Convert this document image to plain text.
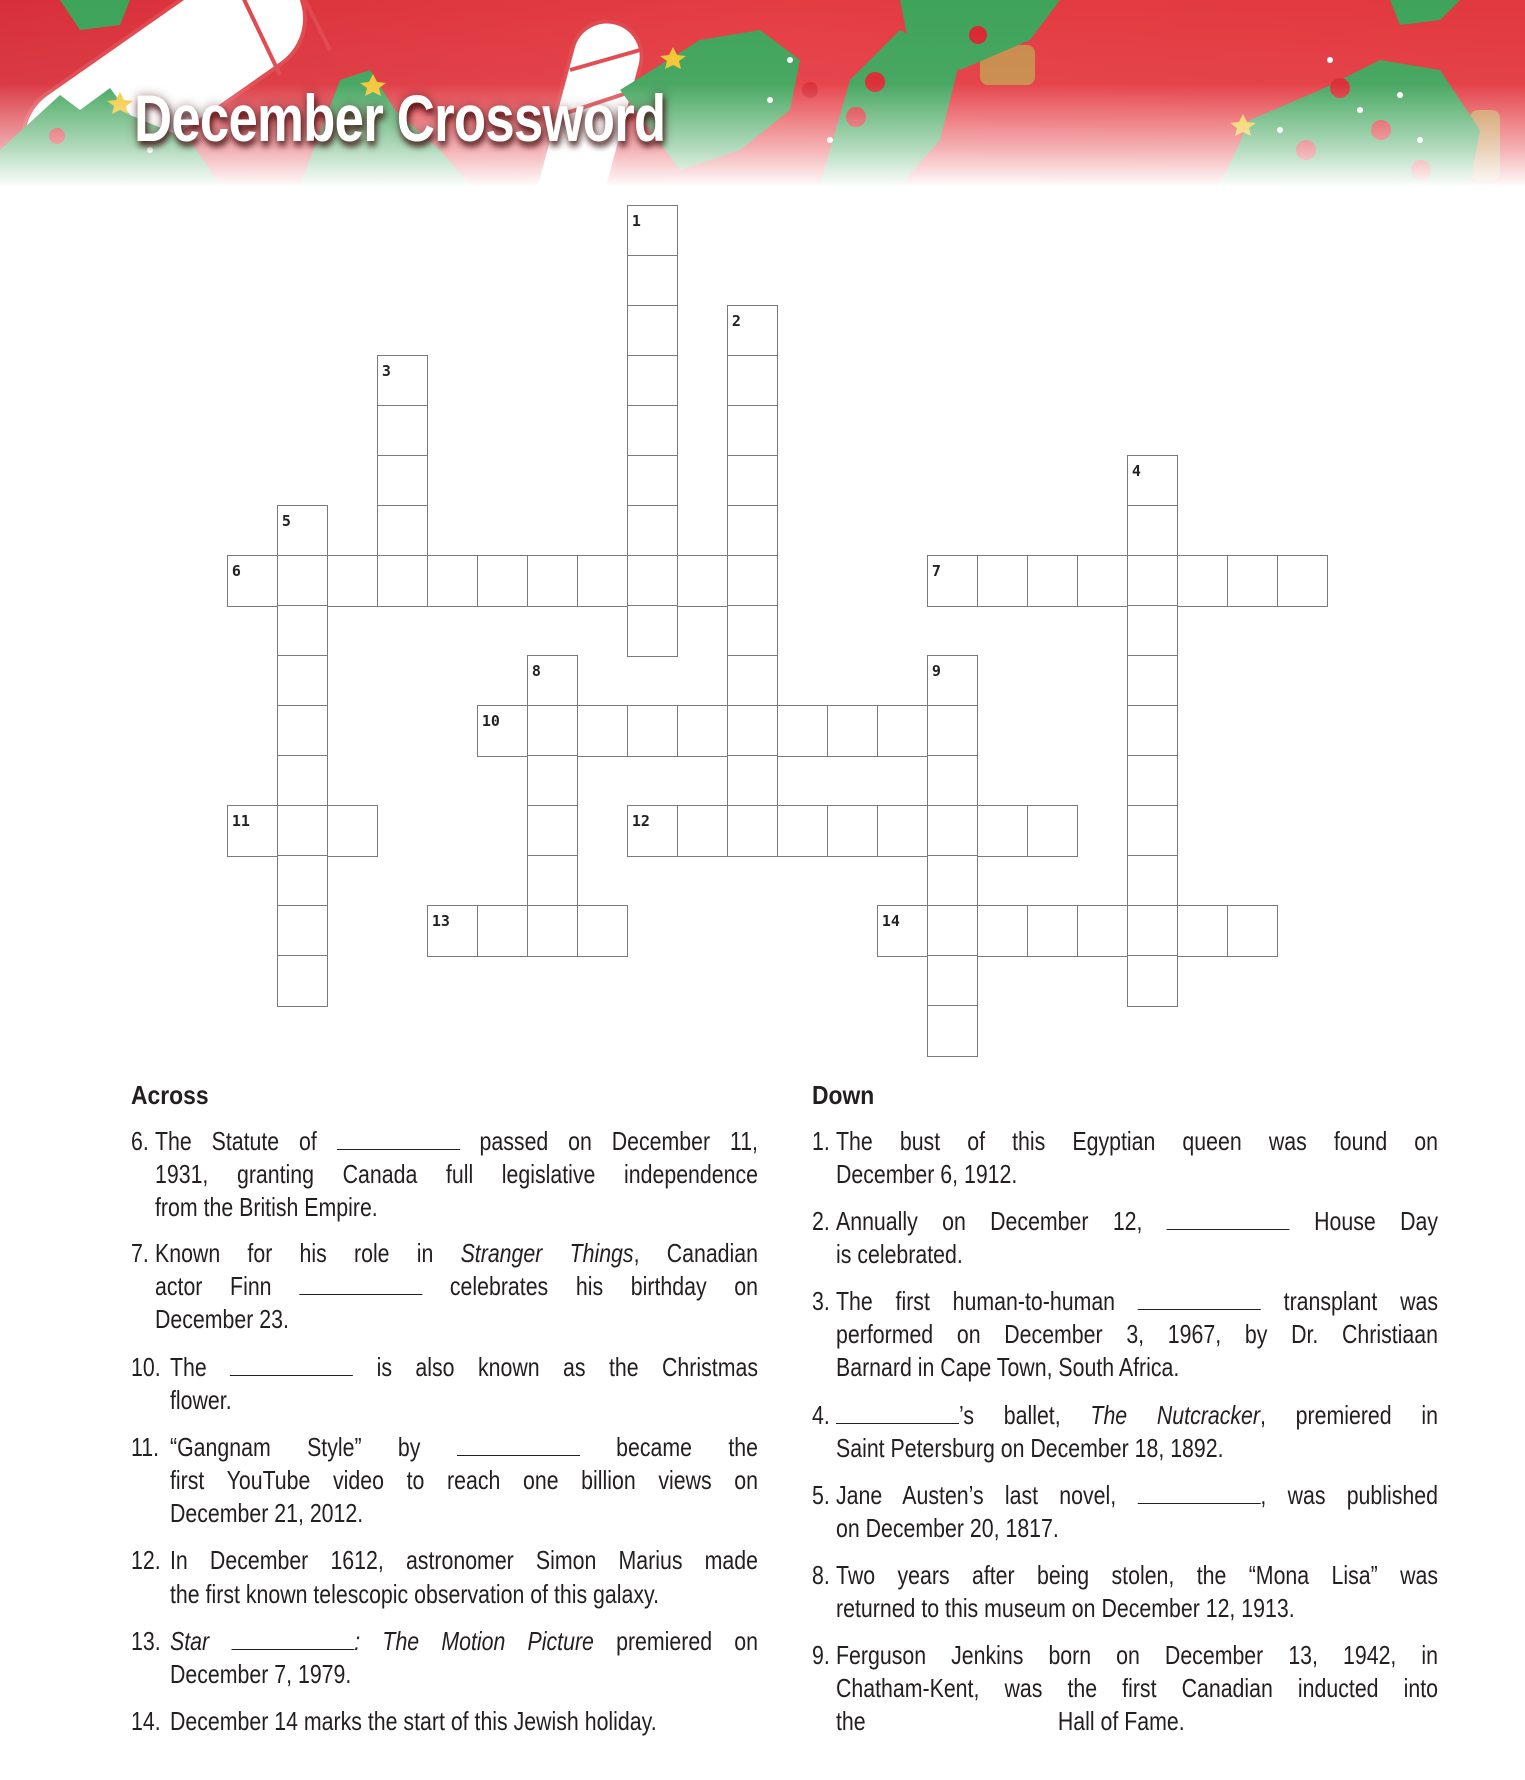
December Crossword
1
2
3
4
5
6	7
8	9
10
11	12
13	14
Across	Down
6. The Statute of	passed on December 11,
1931, granting Canada full legislative independence
from the British Empire.
7. Known for his role in Stranger Things, Canadian
actor Finn	celebrates his birthday on
December 23.
10. The	is also known as the Christmas
flower.
11. “Gangnam Style” by	became the
first YouTube video to reach one billion views on
December 21, 2012.
12. In December 1612, astronomer Simon Marius made
the first known telescopic observation of this galaxy.
13. Star	: The Motion Picture premiered on
December 7, 1979.
14. December 14 marks the start of this Jewish holiday.
1. The bust of this Egyptian queen was found on
December 6, 1912.
2. Annually on December 12,	House Day
is celebrated.
3. The first human-to-human	transplant was
performed on December 3, 1967, by Dr. Christiaan
Barnard in Cape Town, South Africa.
4.	’s ballet, The Nutcracker, premiered in
Saint Petersburg on December 18, 1892.
5. Jane Austen’s last novel,	, was published
on December 20, 1817.
8. Two years after being stolen, the “Mona Lisa” was
returned to this museum on December 12, 1913.
9. Ferguson Jenkins born on December 13, 1942, in
Chatham-Kent, was the first Canadian inducted into
the	Hall of Fame.
